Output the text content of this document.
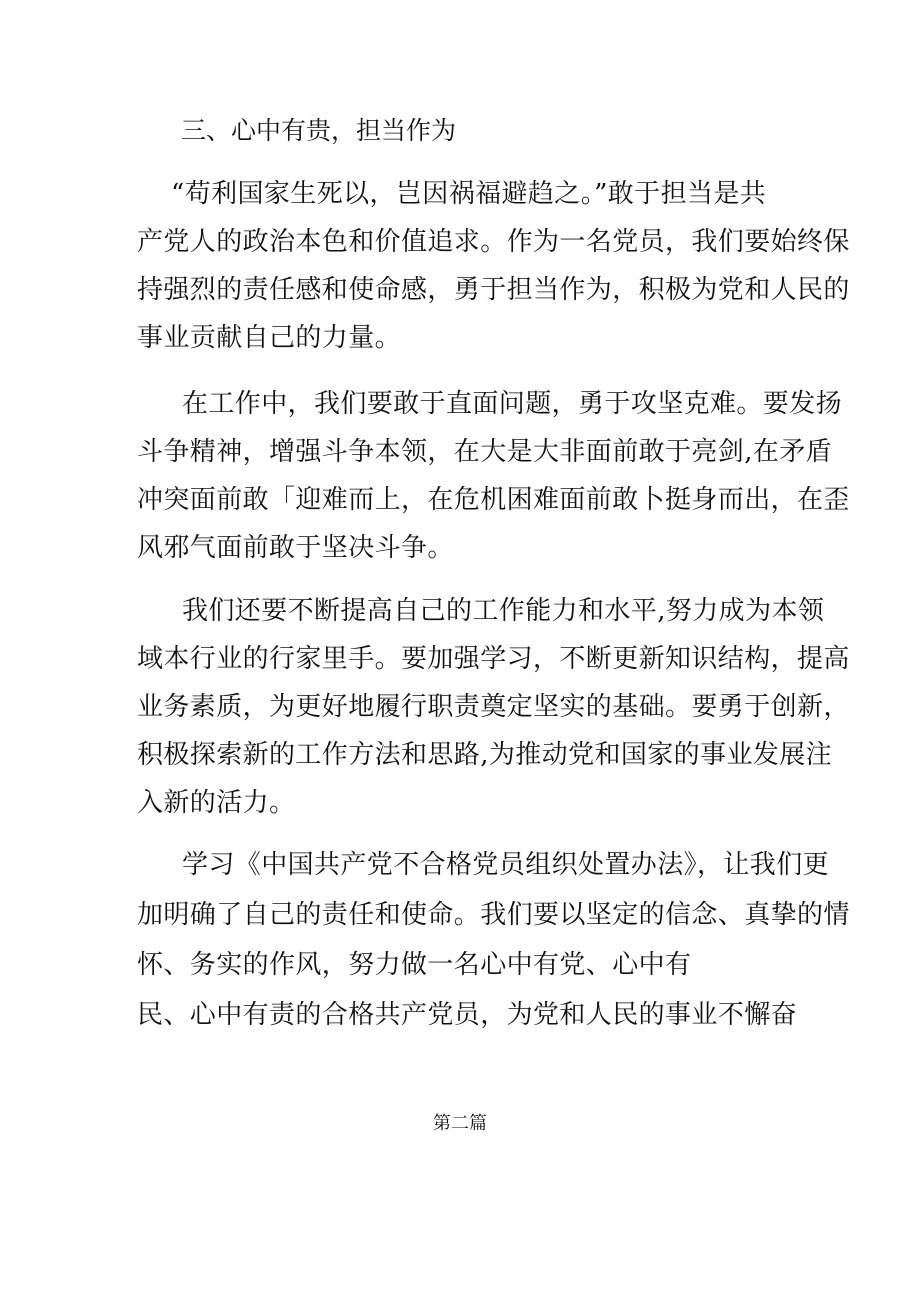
三、心中有贵，担当作为

“苟利国家生死以，岂因祸福避趋之。”敢于担当是共

产党人的政治本色和价值追求。作为一名党员，我们要始终保

持强烈的责任感和使命感，勇于担当作为，积极为党和人民的

事业贡献自己的力量。

在工作中，我们要敢于直面问题，勇于攻坚克难。要发扬

斗争精神，增强斗争本领，在大是大非面前敢于亮剑,在矛盾

冲突面前敢「迎难而上，在危机困难面前敢卜挺身而出，在歪

风邪气面前敢于坚决斗争。

我们还要不断提高自己的工作能力和水平,努力成为本领

域本行业的行家里手。要加强学习，不断更新知识结构，提高

业务素质，为更好地履行职责奠定坚实的基础。要勇于创新，

积极探索新的工作方法和思路,为推动党和国家的事业发展注

入新的活力。

学习《中国共产党不合格党员组织处置办法》，让我们更

加明确了自己的责任和使命。我们要以坚定的信念、真挚的情

怀、务实的作风，努力做一名心中有党、心中有

民、心中有责的合格共产党员，为党和人民的事业不懈奋

第二篇
